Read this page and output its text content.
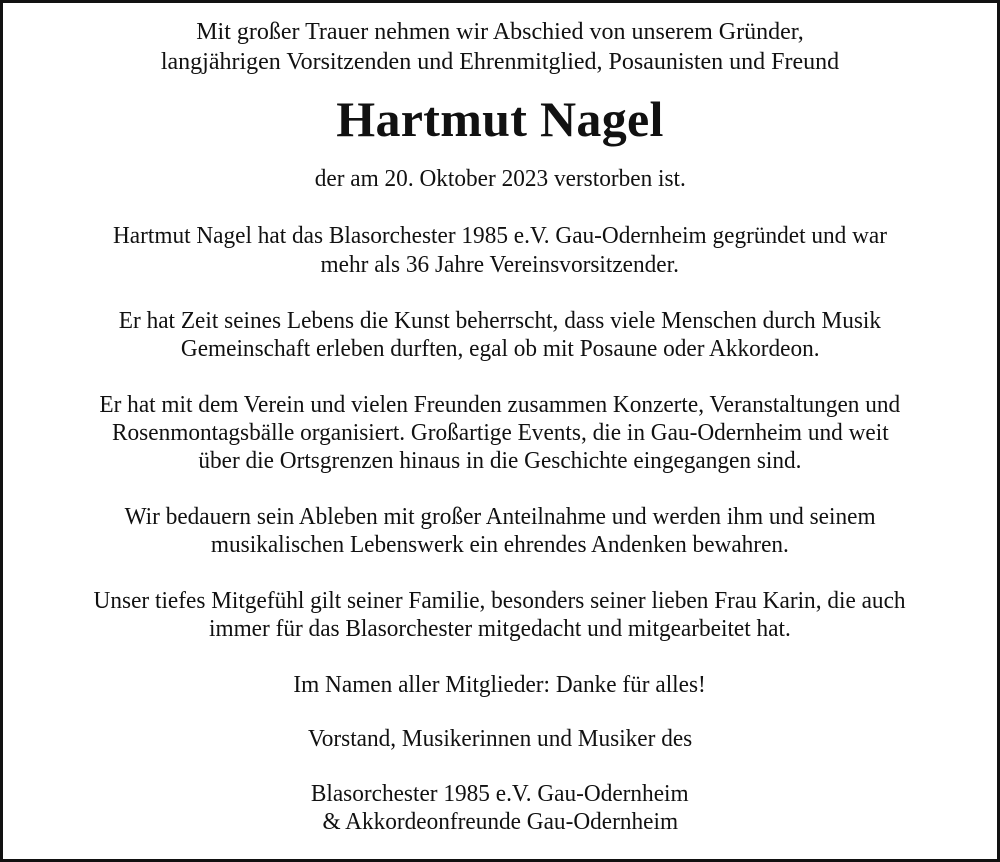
Mit großer Trauer nehmen wir Abschied von unserem Gründer,
langjährigen Vorsitzenden und Ehrenmitglied, Posaunisten und Freund
Hartmut Nagel
der am 20. Oktober 2023 verstorben ist.
Hartmut Nagel hat das Blasorchester 1985 e.V. Gau-Odernheim gegründet und war
mehr als 36 Jahre Vereinsvorsitzender.
Er hat Zeit seines Lebens die Kunst beherrscht, dass viele Menschen durch Musik
Gemeinschaft erleben durften, egal ob mit Posaune oder Akkordeon.
Er hat mit dem Verein und vielen Freunden zusammen Konzerte, Veranstaltungen und
Rosenmontagsbälle organisiert. Großartige Events, die in Gau-Odernheim und weit
über die Ortsgrenzen hinaus in die Geschichte eingegangen sind.
Wir bedauern sein Ableben mit großer Anteilnahme und werden ihm und seinem
musikalischen Lebenswerk ein ehrendes Andenken bewahren.
Unser tiefes Mitgefühl gilt seiner Familie, besonders seiner lieben Frau Karin, die auch
immer für das Blasorchester mitgedacht und mitgearbeitet hat.
Im Namen aller Mitglieder: Danke für alles!
Vorstand, Musikerinnen und Musiker des
Blasorchester 1985 e.V. Gau-Odernheim
& Akkordeonfreunde Gau-Odernheim
